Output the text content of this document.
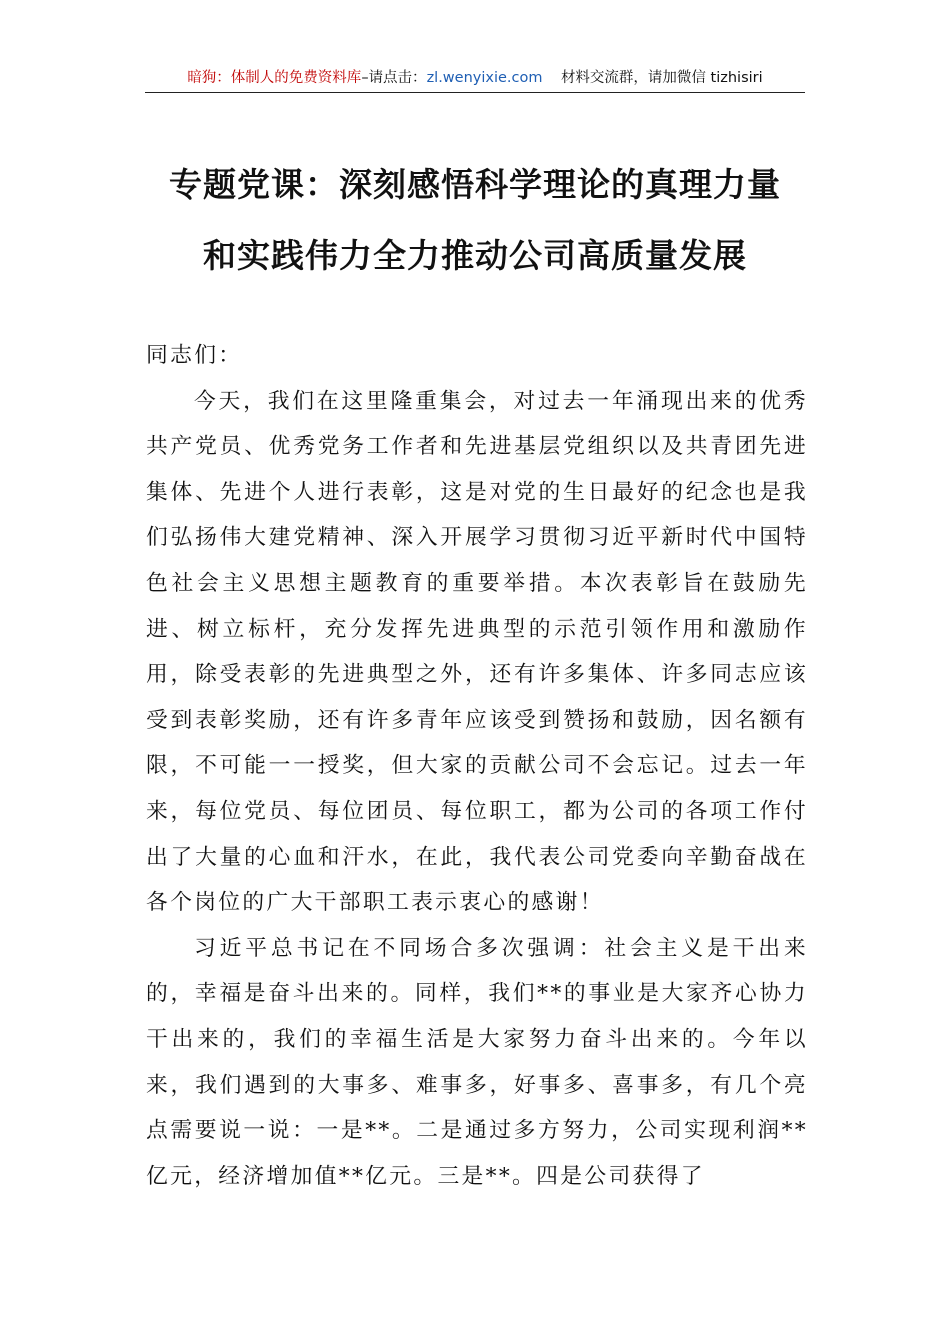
暗狗：体制人的免费资料库–请点击：zl.wenyixie.com 材料交流群，请加微信 tizhisiri
专题党课：深刻感悟科学理论的真理力量
和实践伟力全力推动公司高质量发展

同志们：

今天，我们在这里隆重集会，对过去一年涌现出来的优秀共产党员、优秀党务工作者和先进基层党组织以及共青团先进集体、先进个人进行表彰，这是对党的生日最好的纪念也是我们弘扬伟大建党精神、深入开展学习贯彻习近平新时代中国特色社会主义思想主题教育的重要举措。本次表彰旨在鼓励先进、树立标杆，充分发挥先进典型的示范引领作用和激励作用，除受表彰的先进典型之外，还有许多集体、许多同志应该受到表彰奖励，还有许多青年应该受到赞扬和鼓励，因名额有限，不可能一一授奖，但大家的贡献公司不会忘记。过去一年来，每位党员、每位团员、每位职工，都为公司的各项工作付出了大量的心血和汗水，在此，我代表公司党委向辛勤奋战在各个岗位的广大干部职工表示衷心的感谢！

习近平总书记在不同场合多次强调：社会主义是干出来的，幸福是奋斗出来的。同样，我们**的事业是大家齐心协力干出来的，我们的幸福生活是大家努力奋斗出来的。今年以来，我们遇到的大事多、难事多，好事多、喜事多，有几个亮点需要说一说：一是**。二是通过多方努力，公司实现利润**亿元，经济增加值**亿元。三是**。四是公司获得了
